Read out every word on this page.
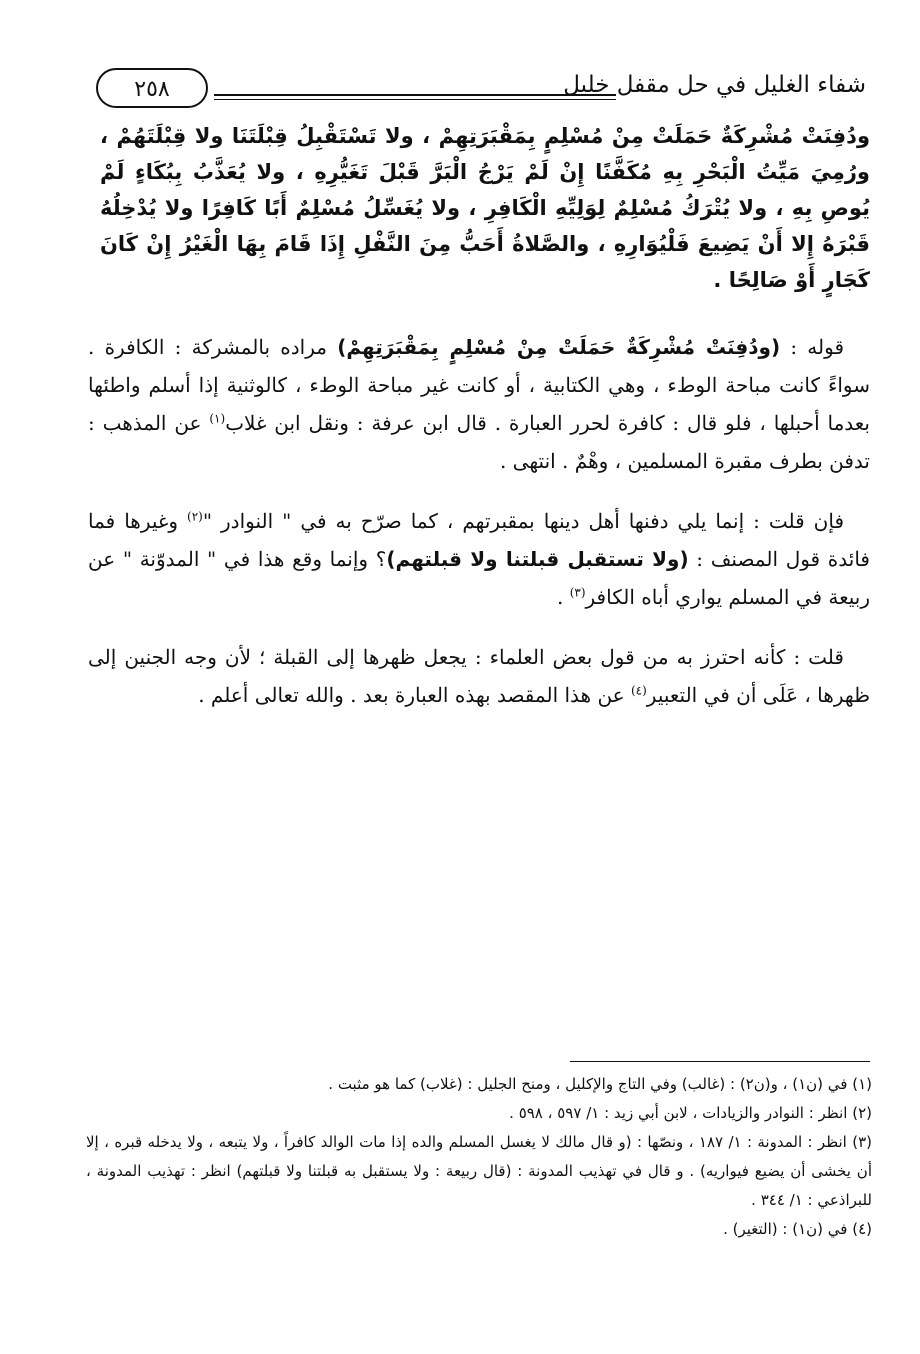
٢٥٨	شفاء الغليل في حل مقفل خليل

ودُفِنَتْ مُشْرِكَةٌ حَمَلَتْ مِنْ مُسْلِمٍ بِمَقْبَرَتِهِمْ ، ولا تَسْتَقْبِلُ قِبْلَتَنَا ولا قِبْلَتَهُمْ ، ورُمِيَ مَيِّتُ الْبَحْرِ بِهِ مُكَفَّنًا إِنْ لَمْ يَرْجُ الْبَرَّ قَبْلَ تَغَيُّرِهِ ، ولا يُعَذَّبُ بِبُكَاءٍ لَمْ يُوصِ بِهِ ، ولا يُتْرَكُ مُسْلِمٌ لِوَلِيِّهِ الْكَافِرِ ، ولا يُغَسِّلُ مُسْلِمٌ أَبًا كَافِرًا ولا يُدْخِلُهُ قَبْرَهُ إِلا أَنْ يَضِيعَ فَلْيُوَارِهِ ، والصَّلاةُ أَحَبُّ مِنَ النَّفْلِ إِذَا قَامَ بِهَا الْغَيْرُ إِنْ كَانَ كَجَارٍ أَوْ صَالِحًا .

قوله : (ودُفِنَتْ مُشْرِكَةٌ حَمَلَتْ مِنْ مُسْلِمٍ بِمَقْبَرَتِهِمْ) مراده بالمشركة : الكافرة . سواءً كانت مباحة الوطء ، وهي الكتابية ، أو كانت غير مباحة الوطء ، كالوثنية إذا أسلم واطئها بعدما أحبلها ، فلو قال : كافرة لحرر العبارة . قال ابن عرفة : ونقل ابن غلاب$^{(١)}$ عن المذهب : تدفن بطرف مقبرة المسلمين ، وهْمٌ . انتهى .

فإن قلت : إنما يلي دفنها أهل دينها بمقبرتهم ، كما صرّح به في " النوادر "$^{(٢)}$ وغيرها فما فائدة قول المصنف : (ولا تستقبل قبلتنا ولا قبلتهم)؟ وإنما وقع هذا في " المدوّنة " عن ربيعة في المسلم يواري أباه الكافر$^{(٣)}$ .

قلت : كأنه احترز به من قول بعض العلماء : يجعل ظهرها إلى القبلة ؛ لأن وجه الجنين إلى ظهرها ، عَلَى أن في التعبير$^{(٤)}$ عن هذا المقصد بهذه العبارة بعد . والله تعالى أعلم .

(١) في (ن١) ، و(ن٢) : (غالب) وفي التاج والإكليل ، ومنح الجليل : (غلاب) كما هو مثبت .

(٢) انظر : النوادر والزيادات ، لابن أبي زيد : ١/ ٥٩٧ ، ٥٩٨ .

(٣) انظر : المدونة : ١/ ١٨٧ ، ونصّها : (و قال مالك لا يغسل المسلم والده إذا مات الوالد كافراً ، ولا يتبعه ، ولا يدخله قبره ، إلا أن يخشى أن يضيع فيواريه) . و قال في تهذيب المدونة : (قال ربيعة : ولا يستقبل به قبلتنا ولا قبلتهم) انظر : تهذيب المدونة ، للبراذعي : ١/ ٣٤٤ .

(٤) في (ن١) : (التغير) .
